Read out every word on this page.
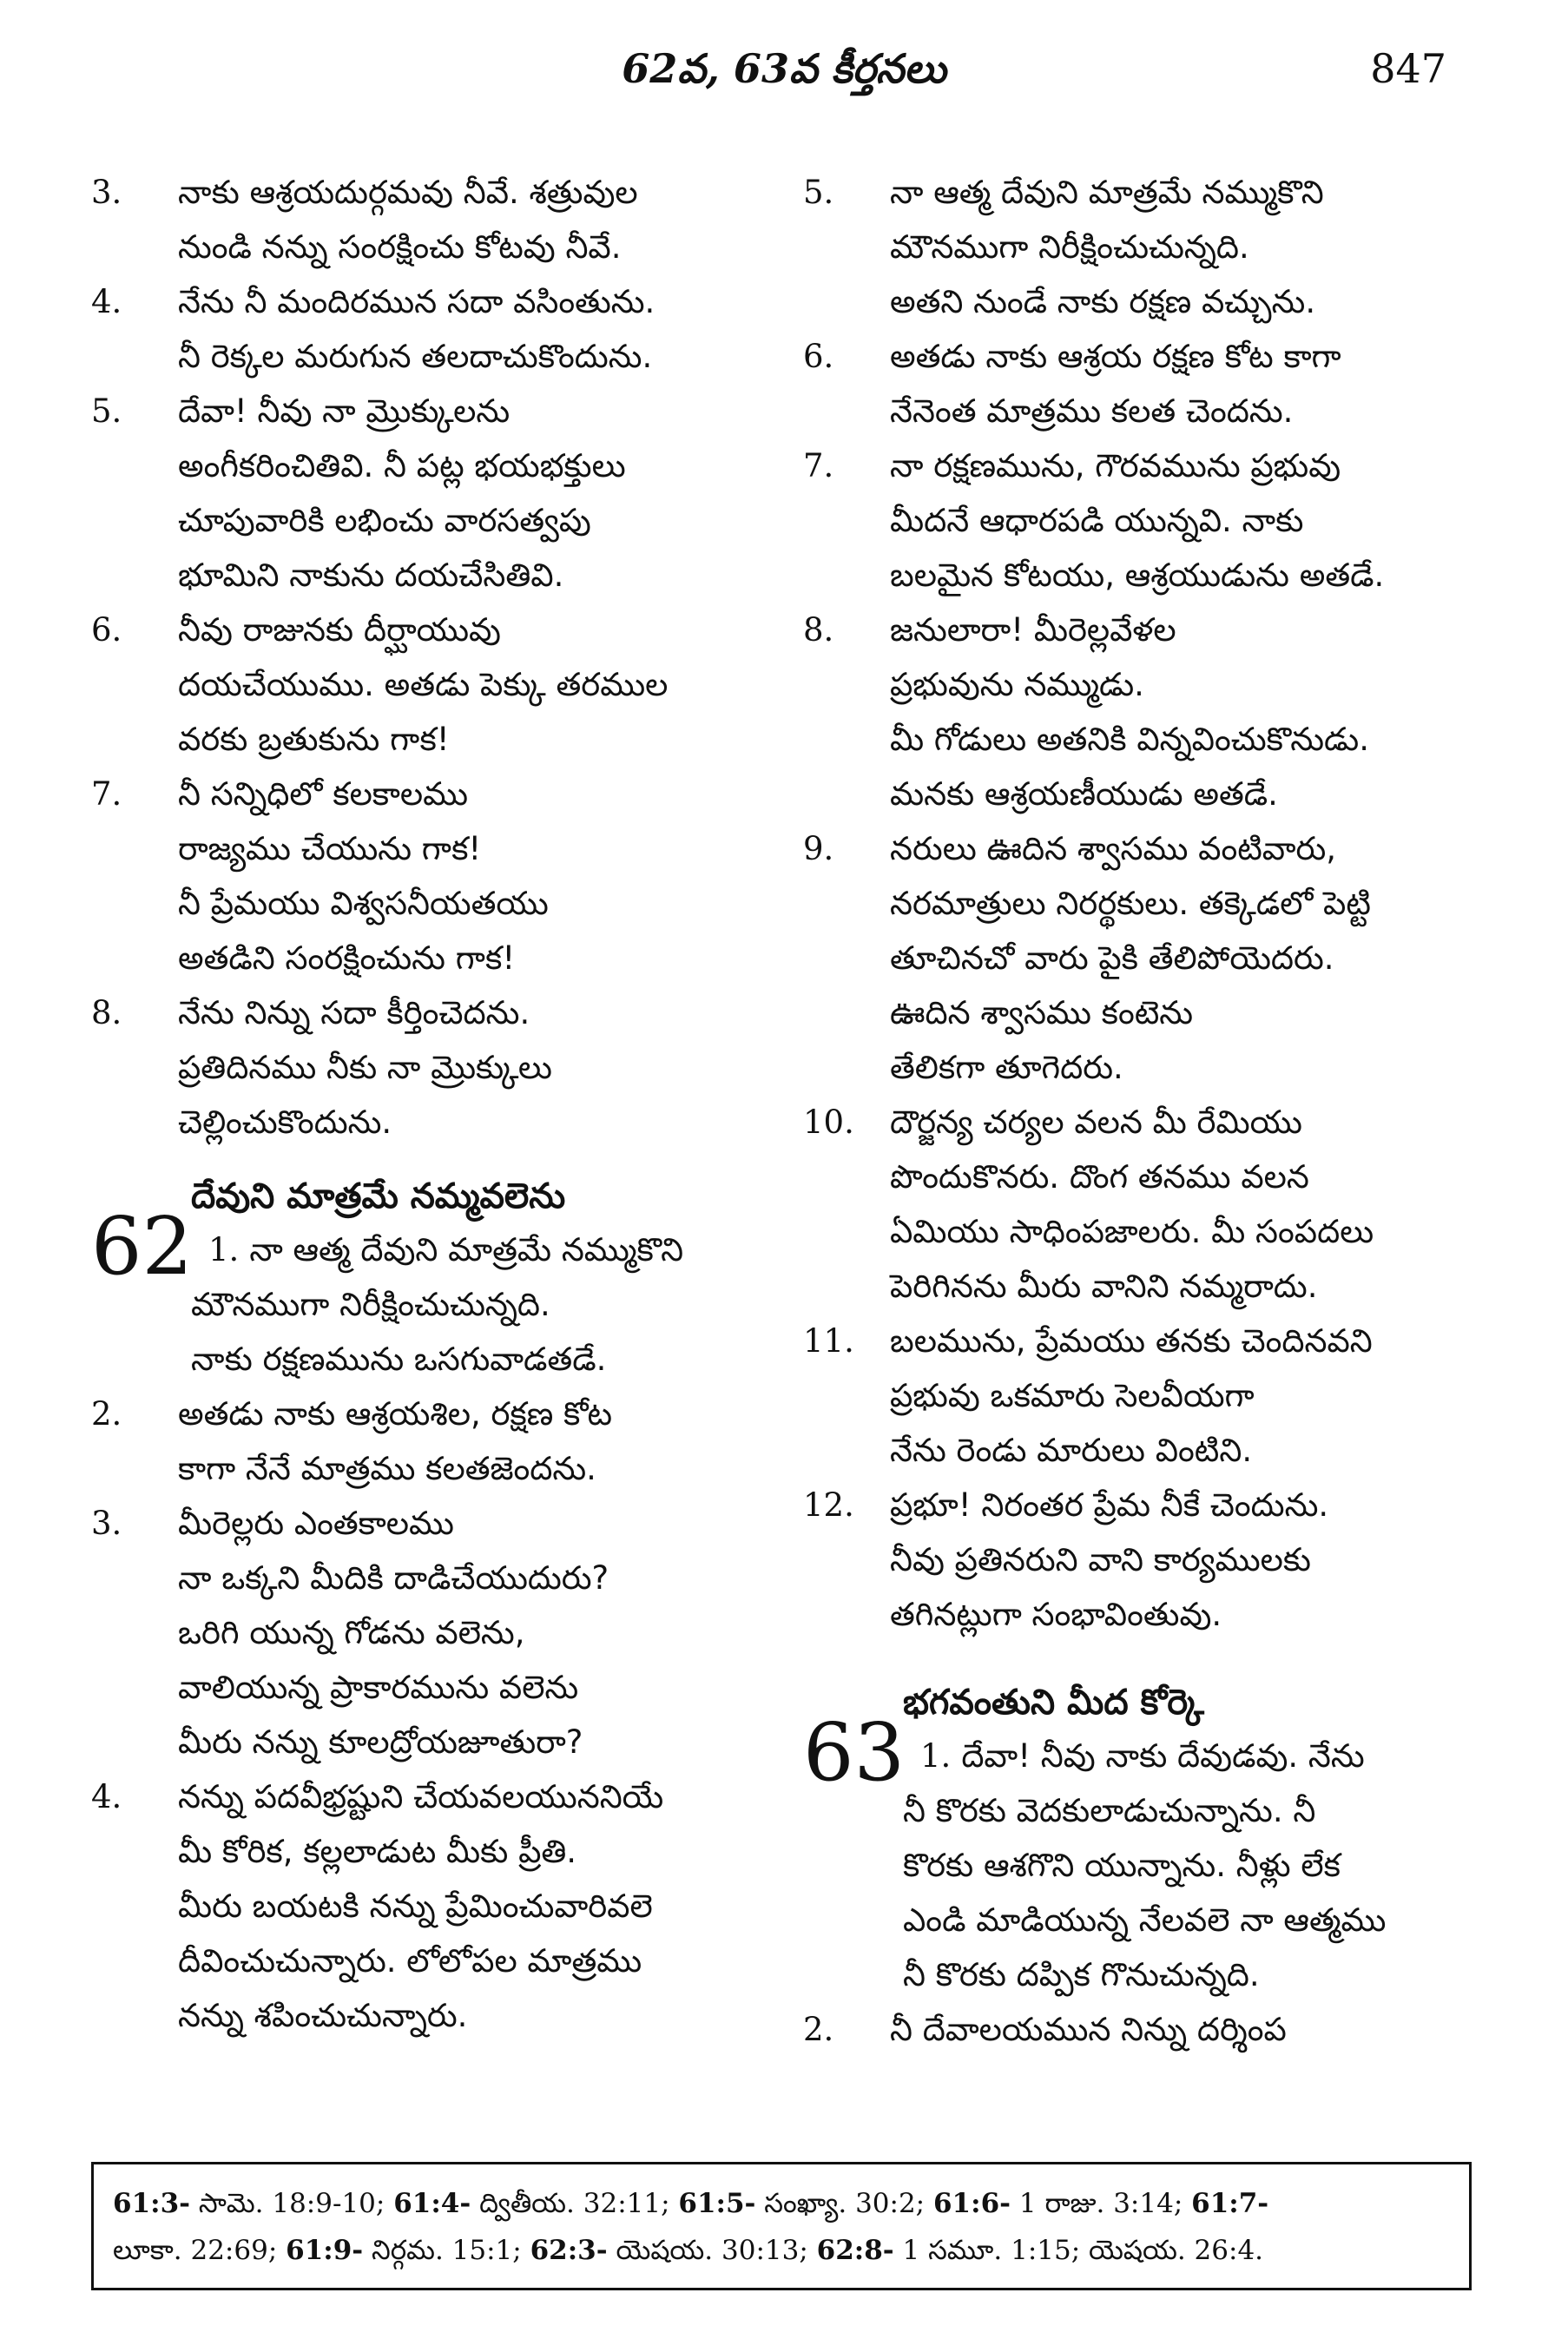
62వ, 63వ కీర్తనలు	847
3.	నాకు ఆశ్రయదుర్గమవు నీవే. శత్రువుల
నుండి నన్ను సంరక్షించు కోటవు నీవే.
4.	నేను నీ మందిరమున సదా వసింతును.
నీ రెక్కల మరుగున తలదాచుకొందును.
5.	దేవా! నీవు నా మ్రొక్కులను
అంగీకరించితివి. నీ పట్ల భయభక్తులు
చూపువారికి లభించు వారసత్వపు
భూమిని నాకును దయచేసితివి.
6.	నీవు రాజునకు దీర్ఘాయువు
దయచేయుము. అతడు పెక్కు తరముల
వరకు బ్రతుకును గాక!
7.	నీ సన్నిధిలో కలకాలము
రాజ్యము చేయును గాక!
నీ ప్రేమయు విశ్వసనీయతయు
అతడిని సంరక్షించును గాక!
8.	నేను నిన్ను సదా కీర్తించెదను.
ప్రతిదినము నీకు నా మ్రొక్కులు
చెల్లించుకొందును.
దేవుని మాత్రమే నమ్మవలెను
62 1. నా ఆత్మ దేవుని మాత్రమే నమ్ముకొని
మౌనముగా నిరీక్షించుచున్నది.
నాకు రక్షణమును ఒసగువాడతడే.
2.	అతడు నాకు ఆశ్రయశిల, రక్షణ కోట
కాగా నేనే మాత్రము కలతజెందను.
3.	మీరెల్లరు ఎంతకాలము
నా ఒక్కని మీదికి దాడిచేయుదురు?
ఒరిగి యున్న గోడను వలెను,
వాలియున్న ప్రాకారమును వలెను
మీరు నన్ను కూలద్రోయజూతురా?
4.	నన్ను పదవీభ్రష్టుని చేయవలయుననియే
మీ కోరిక, కల్లలాడుట మీకు ప్రీతి.
మీరు బయటకి నన్ను ప్రేమించువారివలె
దీవించుచున్నారు. లోలోపల మాత్రము
నన్ను శపించుచున్నారు.
5.	నా ఆత్మ దేవుని మాత్రమే నమ్ముకొని
మౌనముగా నిరీక్షించుచున్నది.
అతని నుండే నాకు రక్షణ వచ్చును.
6.	అతడు నాకు ఆశ్రయ రక్షణ కోట కాగా
నేనెంత మాత్రము కలత చెందను.
7.	నా రక్షణమును, గౌరవమును ప్రభువు
మీదనే ఆధారపడి యున్నవి. నాకు
బలమైన కోటయు, ఆశ్రయుడును అతడే.
8.	జనులారా! మీరెల్లవేళల
ప్రభువును నమ్ముడు.
మీ గోడులు అతనికి విన్నవించుకొనుడు.
మనకు ఆశ్రయణీయుడు అతడే.
9.	నరులు ఊదిన శ్వాసము వంటివారు,
నరమాత్రులు నిరర్థకులు. తక్కెడలో పెట్టి
తూచినచో వారు పైకి తేలిపోయెదరు.
ఊదిన శ్వాసము కంటెను
తేలికగా తూగెదరు.
10.	దౌర్జన్య చర్యల వలన మీ రేమియు
పొందుకొనరు. దొంగ తనము వలన
ఏమియు సాధింపజాలరు. మీ సంపదలు
పెరిగినను మీరు వానిని నమ్మరాదు.
11.	బలమును, ప్రేమయు తనకు చెందినవని
ప్రభువు ఒకమారు సెలవీయగా
నేను రెండు మారులు వింటిని.
12.	ప్రభూ! నిరంతర ప్రేమ నీకే చెందును.
నీవు ప్రతినరుని వాని కార్యములకు
తగినట్లుగా సంభావింతువు.
భగవంతుని మీద కోర్కె
63 1. దేవా! నీవు నాకు దేవుడవు. నేను
నీ కొరకు వెదకులాడుచున్నాను. నీ
కొరకు ఆశగొని యున్నాను. నీళ్లు లేక
ఎండి మాడియున్న నేలవలె నా ఆత్మము
నీ కొరకు దప్పిక గొనుచున్నది.
2.	నీ దేవాలయమున నిన్ను దర్శింప
61:3- సామె. 18:9-10; 61:4- ద్వితీయ. 32:11; 61:5- సంఖ్యా. 30:2; 61:6- 1 రాజు. 3:14; 61:7-
లూకా. 22:69; 61:9- నిర్గమ. 15:1; 62:3- యెషయ. 30:13; 62:8- 1 సమూ. 1:15; యెషయ. 26:4.
